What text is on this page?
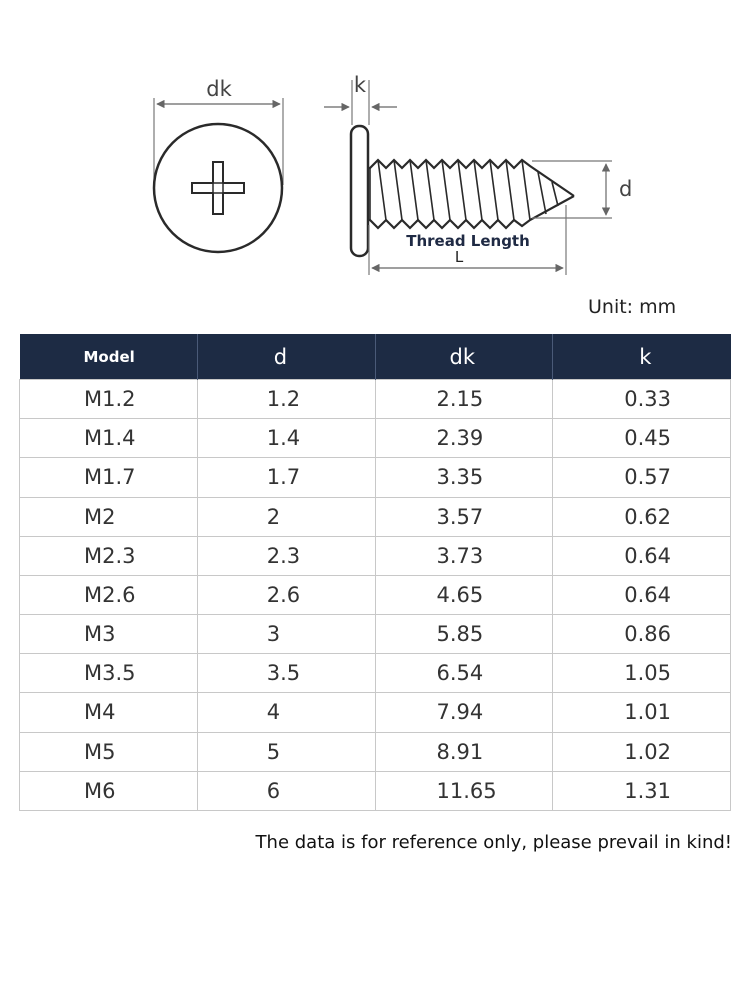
dk	k
d
Thread Length
L
Unit: mm
Model	d	dk	k
M1.2	1.2	2.15	0.33
M1.4	1.4	2.39	0.45
M1.7	1.7	3.35	0.57
M2	2	3.57	0.62
M2.3	2.3	3.73	0.64
M2.6	2.6	4.65	0.64
M3	3	5.85	0.86
M3.5	3.5	6.54	1.05
M4	4	7.94	1.01
M5	5	8.91	1.02
M6	6	11.65	1.31
The data is for reference only, please prevail in kind!
